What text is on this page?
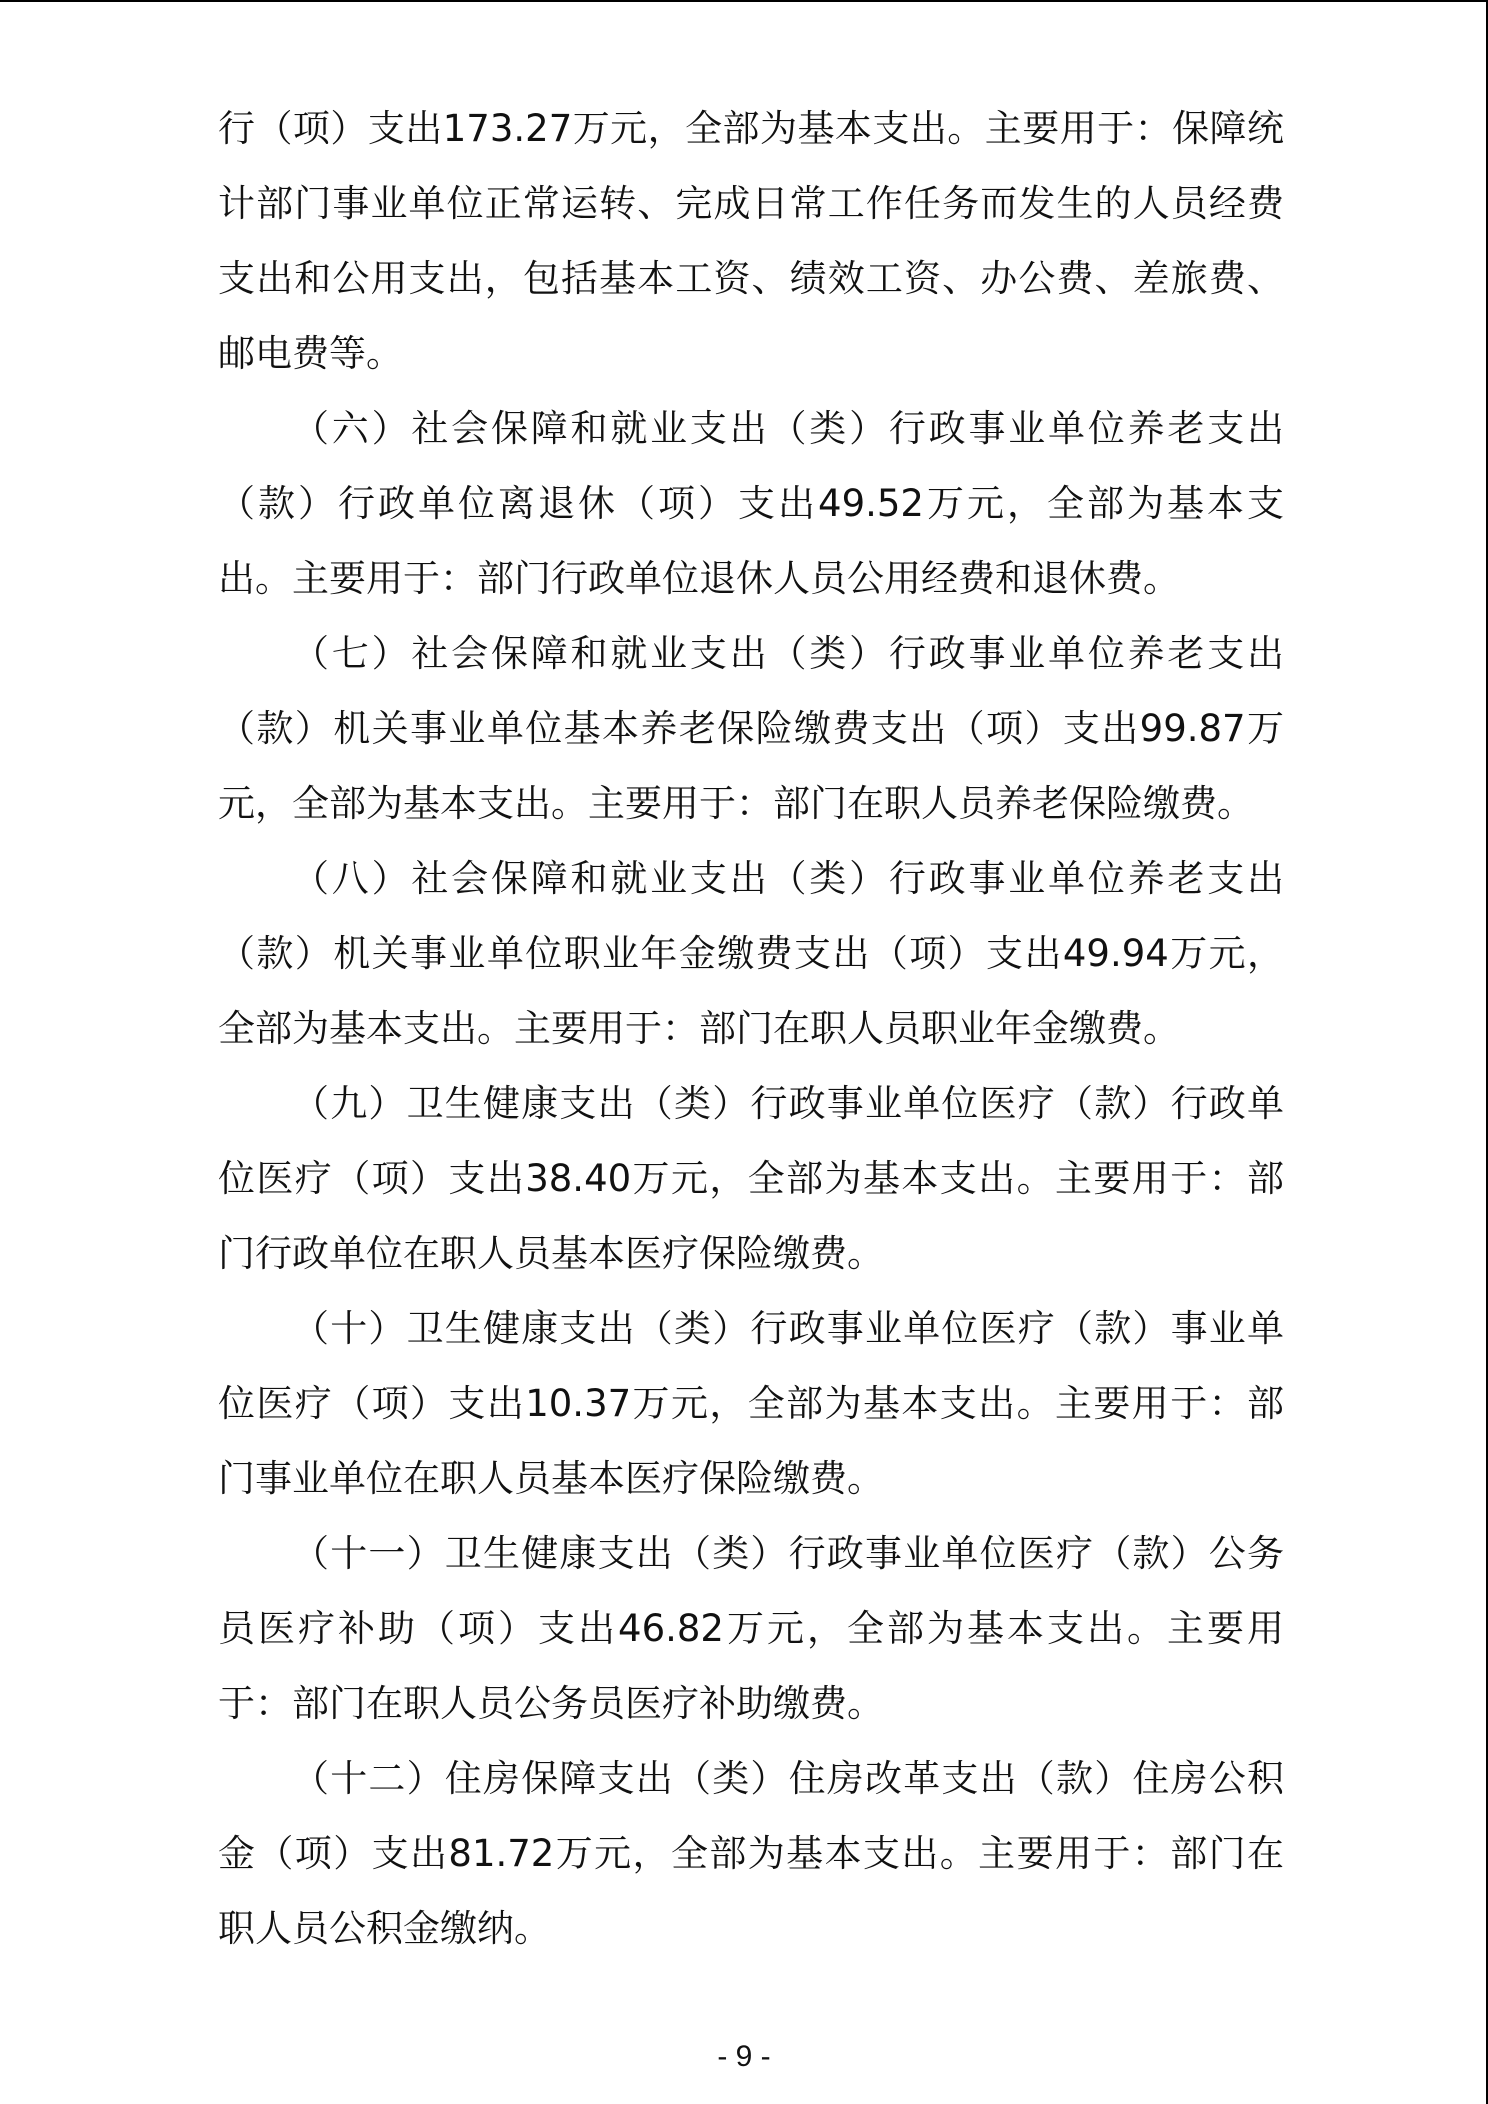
行（项）支出173.27万元，全部为基本支出。主要用于：保障统计部门事业单位正常运转、完成日常工作任务而发生的人员经费支出和公用支出，包括基本工资、绩效工资、办公费、差旅费、邮电费等。

（六）社会保障和就业支出（类）行政事业单位养老支出（款）行政单位离退休（项）支出49.52万元，全部为基本支出。主要用于：部门行政单位退休人员公用经费和退休费。

（七）社会保障和就业支出（类）行政事业单位养老支出（款）机关事业单位基本养老保险缴费支出（项）支出99.87万元，全部为基本支出。主要用于：部门在职人员养老保险缴费。

（八）社会保障和就业支出（类）行政事业单位养老支出（款）机关事业单位职业年金缴费支出（项）支出49.94万元，全部为基本支出。主要用于：部门在职人员职业年金缴费。

（九）卫生健康支出（类）行政事业单位医疗（款）行政单位医疗（项）支出38.40万元，全部为基本支出。主要用于：部门行政单位在职人员基本医疗保险缴费。

（十）卫生健康支出（类）行政事业单位医疗（款）事业单位医疗（项）支出10.37万元，全部为基本支出。主要用于：部门事业单位在职人员基本医疗保险缴费。

（十一）卫生健康支出（类）行政事业单位医疗（款）公务员医疗补助（项）支出46.82万元，全部为基本支出。主要用于：部门在职人员公务员医疗补助缴费。

（十二）住房保障支出（类）住房改革支出（款）住房公积金（项）支出81.72万元，全部为基本支出。主要用于：部门在职人员公积金缴纳。

- 9 -
